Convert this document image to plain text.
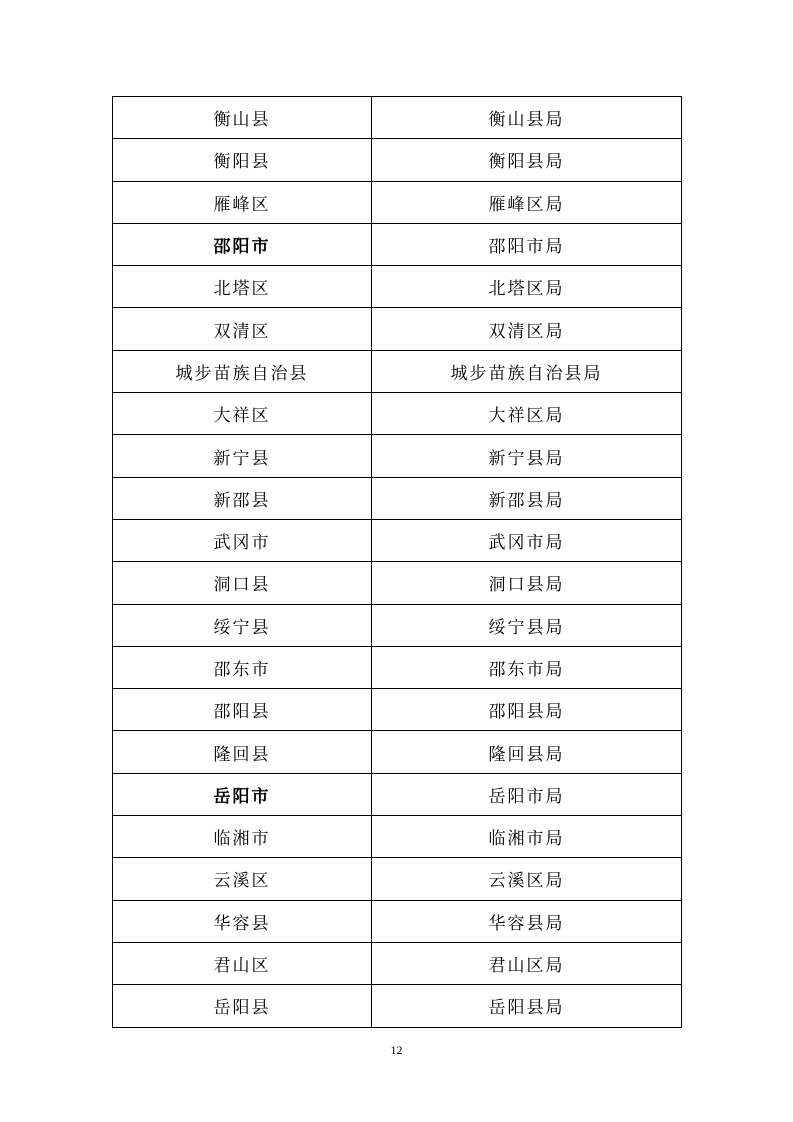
衡山县	衡山县局
衡阳县	衡阳县局
雁峰区	雁峰区局
邵阳市	邵阳市局
北塔区	北塔区局
双清区	双清区局
城步苗族自治县	城步苗族自治县局
大祥区	大祥区局
新宁县	新宁县局
新邵县	新邵县局
武冈市	武冈市局
洞口县	洞口县局
绥宁县	绥宁县局
邵东市	邵东市局
邵阳县	邵阳县局
隆回县	隆回县局
岳阳市	岳阳市局
临湘市	临湘市局
云溪区	云溪区局
华容县	华容县局
君山区	君山区局
岳阳县	岳阳县局
12
